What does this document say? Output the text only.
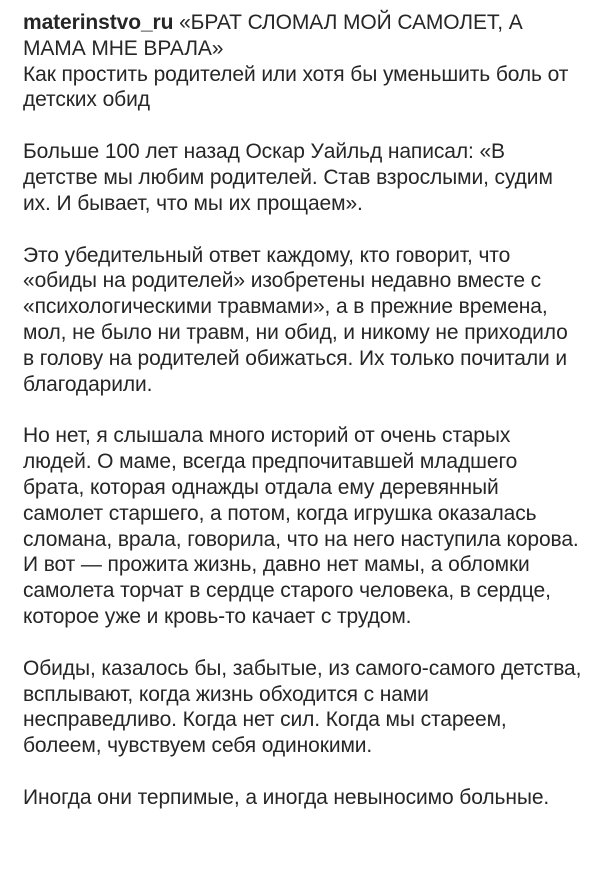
materinstvo_ru «БРАТ СЛОМАЛ МОЙ САМОЛЕТ, А МАМА МНЕ ВРАЛА»
Как простить родителей или хотя бы уменьшить боль от детских обид
Больше 100 лет назад Оскар Уайльд написал: «В детстве мы любим родителей. Став взрослыми, судим их. И бывает, что мы их прощаем».
Это убедительный ответ каждому, кто говорит, что «обиды на родителей» изобретены недавно вместе с «психологическими травмами», а в прежние времена, мол, не было ни травм, ни обид, и никому не приходило в голову на родителей обижаться. Их только почитали и благодарили.
Но нет, я слышала много историй от очень старых людей. О маме, всегда предпочитавшей младшего брата, которая однажды отдала ему деревянный самолет старшего, а потом, когда игрушка оказалась сломана, врала, говорила, что на него наступила корова. И вот — прожита жизнь, давно нет мамы, а обломки самолета торчат в сердце старого человека, в сердце, которое уже и кровь-то качает с трудом.
Обиды, казалось бы, забытые, из самого-самого детства, всплывают, когда жизнь обходится с нами несправедливо. Когда нет сил. Когда мы стареем, болеем, чувствуем себя одинокими.
Иногда они терпимые, а иногда невыносимо больные.
